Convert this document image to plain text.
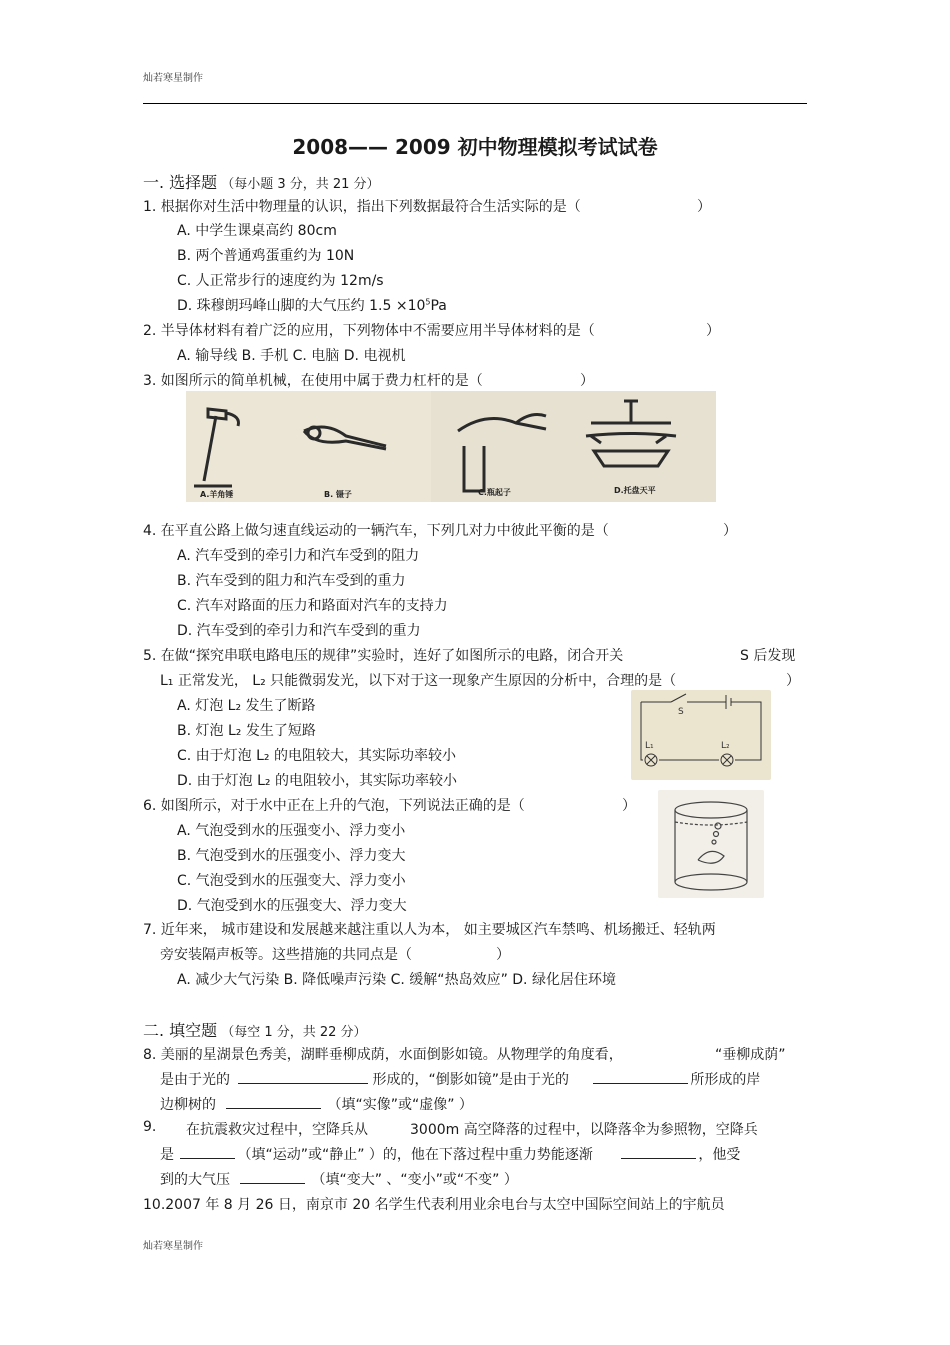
灿若寒星制作
2008—— 2009 初中物理模拟考试试卷
一. 选择题 （每小题 3 分，共 21 分）
1. 根据你对生活中物理量的认识，指出下列数据最符合生活实际的是（	）
A. 中学生课桌高约 80cm
B. 两个普通鸡蛋重约为 10N
C. 人正常步行的速度约为 12m/s
D. 珠穆朗玛峰山脚的大气压约 $1.5 \times 10^5Pa$
2. 半导体材料有着广泛的应用，下列物体中不需要应用半导体材料的是（	）
A. 输导线 B. 手机 C. 电脑 D. 电视机
3. 如图所示的简单机械，在使用中属于费力杠杆的是（	）
A.羊角锤	B. 镊子	C.瓶起子	D.托盘天平
4. 在平直公路上做匀速直线运动的一辆汽车，下列几对力中彼此平衡的是（	）
A. 汽车受到的牵引力和汽车受到的阻力
B. 汽车受到的阻力和汽车受到的重力
C. 汽车对路面的压力和路面对汽车的支持力
D. 汽车受到的牵引力和汽车受到的重力
5. 在做“探究串联电路电压的规律”实验时，连好了如图所示的电路，闭合开关	S 后发现
L₁ 正常发光， L₂ 只能微弱发光，以下对于这一现象产生原因的分析中，合理的是（	）
A. 灯泡 L₂ 发生了断路
B. 灯泡 L₂ 发生了短路
C. 由于灯泡 L₂ 的电阻较大，其实际功率较小
D. 由于灯泡 L₂ 的电阻较小，其实际功率较小
S
L₁	L₂
6. 如图所示，对于水中正在上升的气泡，下列说法正确的是（	）
A. 气泡受到水的压强变小、浮力变小
B. 气泡受到水的压强变小、浮力变大
C. 气泡受到水的压强变大、浮力变小
D. 气泡受到水的压强变大、浮力变大
7. 近年来， 城市建设和发展越来越注重以人为本， 如主要城区汽车禁鸣、机场搬迁、轻轨两
旁安装隔声板等。这些措施的共同点是（	）
A. 减少大气污染 B. 降低噪声污染 C. 缓解“热岛效应” D. 绿化居住环境
二. 填空题 （每空 1 分，共 22 分）
8. 美丽的星湖景色秀美，湖畔垂柳成荫，水面倒影如镜。从物理学的角度看，	“垂柳成荫”
是由于光的	形成的，“倒影如镜”是由于光的	所形成的岸
边柳树的	（填“实像”或“虚像” ）
9. 在抗震救灾过程中，空降兵从	3000m 高空降落的过程中，以降落伞为参照物，空降兵
是	（填“运动”或“静止” ）的，他在下落过程中重力势能逐渐	，他受
到的大气压	（填“变大” 、“变小”或“不变” ）
10.2007 年 8 月 26 日，南京市 20 名学生代表利用业余电台与太空中国际空间站上的宇航员
灿若寒星制作
